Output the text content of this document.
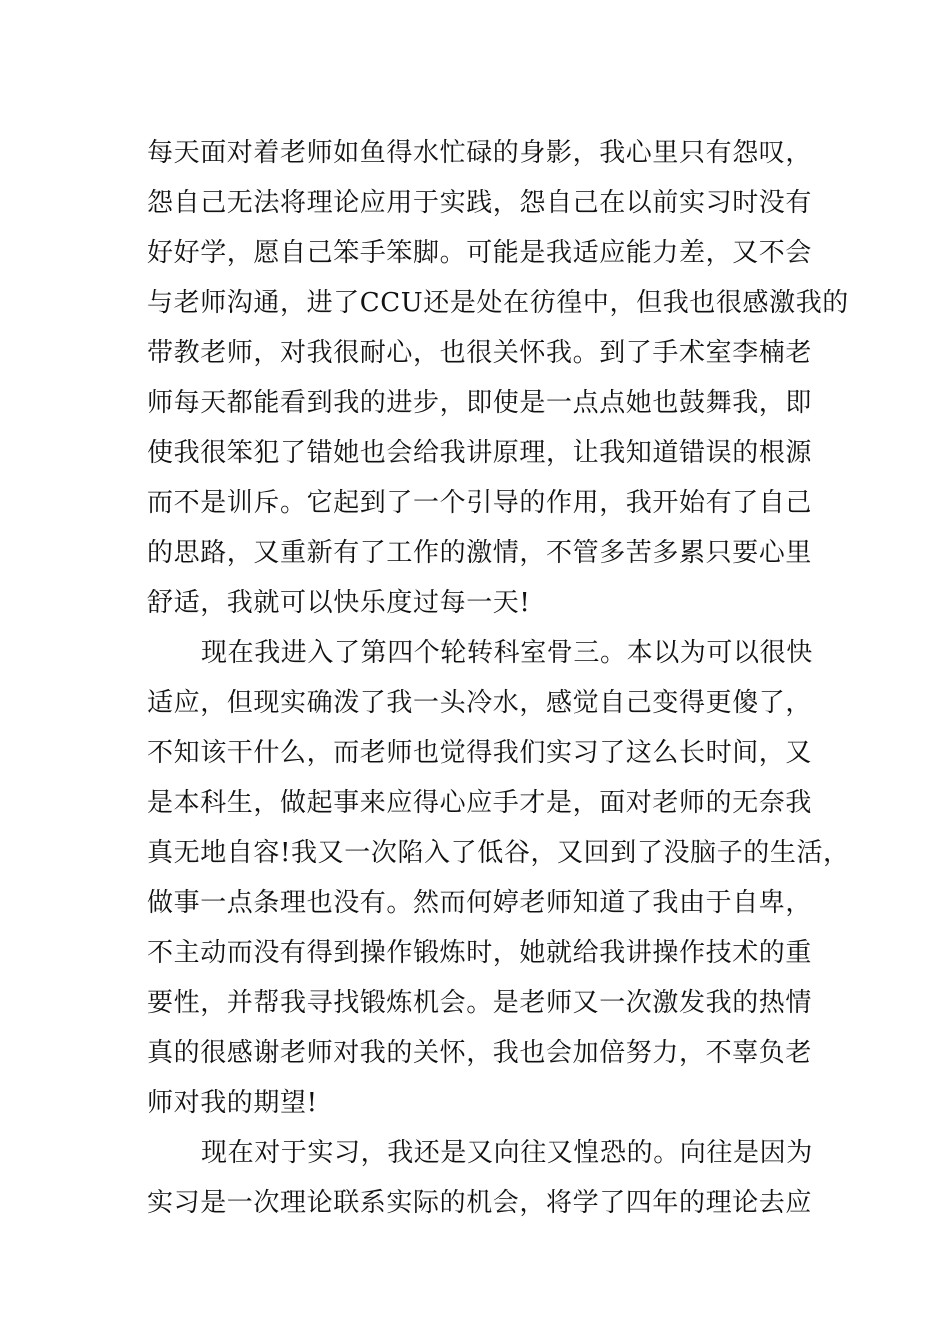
每天面对着老师如鱼得水忙碌的身影，我心里只有怨叹，
怨自己无法将理论应用于实践，怨自己在以前实习时没有
好好学，愿自己笨手笨脚。可能是我适应能力差，又不会
与老师沟通，进了CCU还是处在彷徨中，但我也很感激我的
带教老师，对我很耐心，也很关怀我。到了手术室李楠老
师每天都能看到我的进步，即使是一点点她也鼓舞我，即
使我很笨犯了错她也会给我讲原理，让我知道错误的根源
而不是训斥。它起到了一个引导的作用，我开始有了自己
的思路，又重新有了工作的激情，不管多苦多累只要心里
舒适，我就可以快乐度过每一天!
现在我进入了第四个轮转科室骨三。本以为可以很快
适应，但现实确泼了我一头冷水，感觉自己变得更傻了，
不知该干什么，而老师也觉得我们实习了这么长时间，又
是本科生，做起事来应得心应手才是，面对老师的无奈我
真无地自容!我又一次陷入了低谷，又回到了没脑子的生活，
做事一点条理也没有。然而何婷老师知道了我由于自卑，
不主动而没有得到操作锻炼时，她就给我讲操作技术的重
要性，并帮我寻找锻炼机会。是老师又一次激发我的热情
真的很感谢老师对我的关怀，我也会加倍努力，不辜负老
师对我的期望!
现在对于实习，我还是又向往又惶恐的。向往是因为
实习是一次理论联系实际的机会，将学了四年的理论去应
